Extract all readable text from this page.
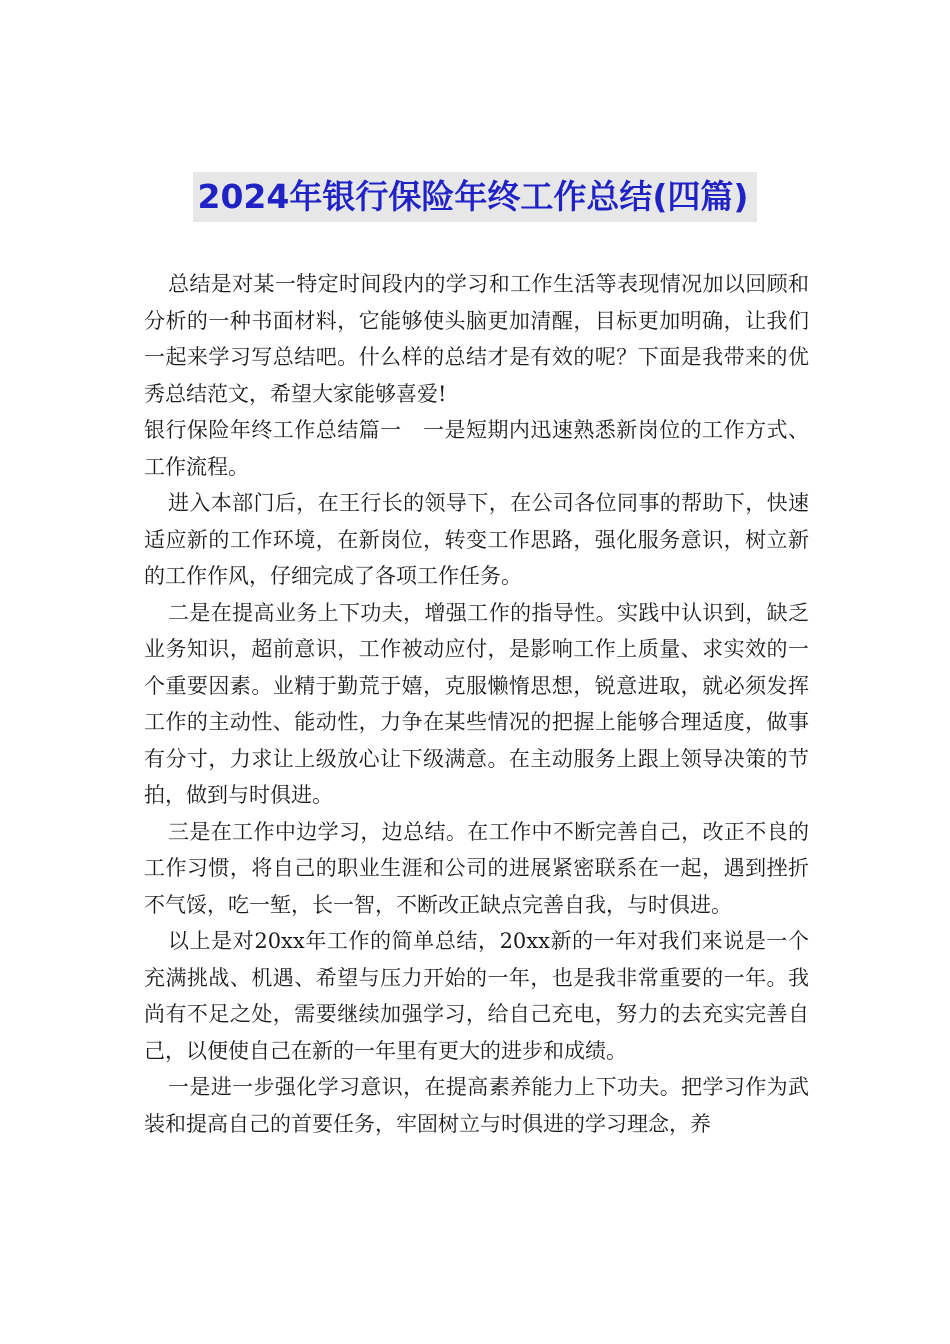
2024年银行保险年终工作总结(四篇)

总结是对某一特定时间段内的学习和工作生活等表现情况加以回顾和分析的一种书面材料，它能够使头脑更加清醒，目标更加明确，让我们一起来学习写总结吧。什么样的总结才是有效的呢？下面是我带来的优秀总结范文，希望大家能够喜爱!

银行保险年终工作总结篇一　一是短期内迅速熟悉新岗位的工作方式、工作流程。

进入本部门后，在王行长的领导下，在公司各位同事的帮助下，快速适应新的工作环境，在新岗位，转变工作思路，强化服务意识，树立新的工作作风，仔细完成了各项工作任务。

二是在提高业务上下功夫，增强工作的指导性。实践中认识到，缺乏业务知识，超前意识，工作被动应付，是影响工作上质量、求实效的一个重要因素。业精于勤荒于嬉，克服懒惰思想，锐意进取，就必须发挥工作的主动性、能动性，力争在某些情况的把握上能够合理适度，做事有分寸，力求让上级放心让下级满意。在主动服务上跟上领导决策的节拍，做到与时俱进。

三是在工作中边学习，边总结。在工作中不断完善自己，改正不良的工作习惯，将自己的职业生涯和公司的进展紧密联系在一起，遇到挫折不气馁，吃一堑，长一智，不断改正缺点完善自我，与时俱进。

以上是对20xx年工作的简单总结，20xx新的一年对我们来说是一个充满挑战、机遇、希望与压力开始的一年，也是我非常重要的一年。我尚有不足之处，需要继续加强学习，给自己充电，努力的去充实完善自己，以便使自己在新的一年里有更大的进步和成绩。

一是进一步强化学习意识，在提高素养能力上下功夫。把学习作为武装和提高自己的首要任务，牢固树立与时俱进的学习理念，养
